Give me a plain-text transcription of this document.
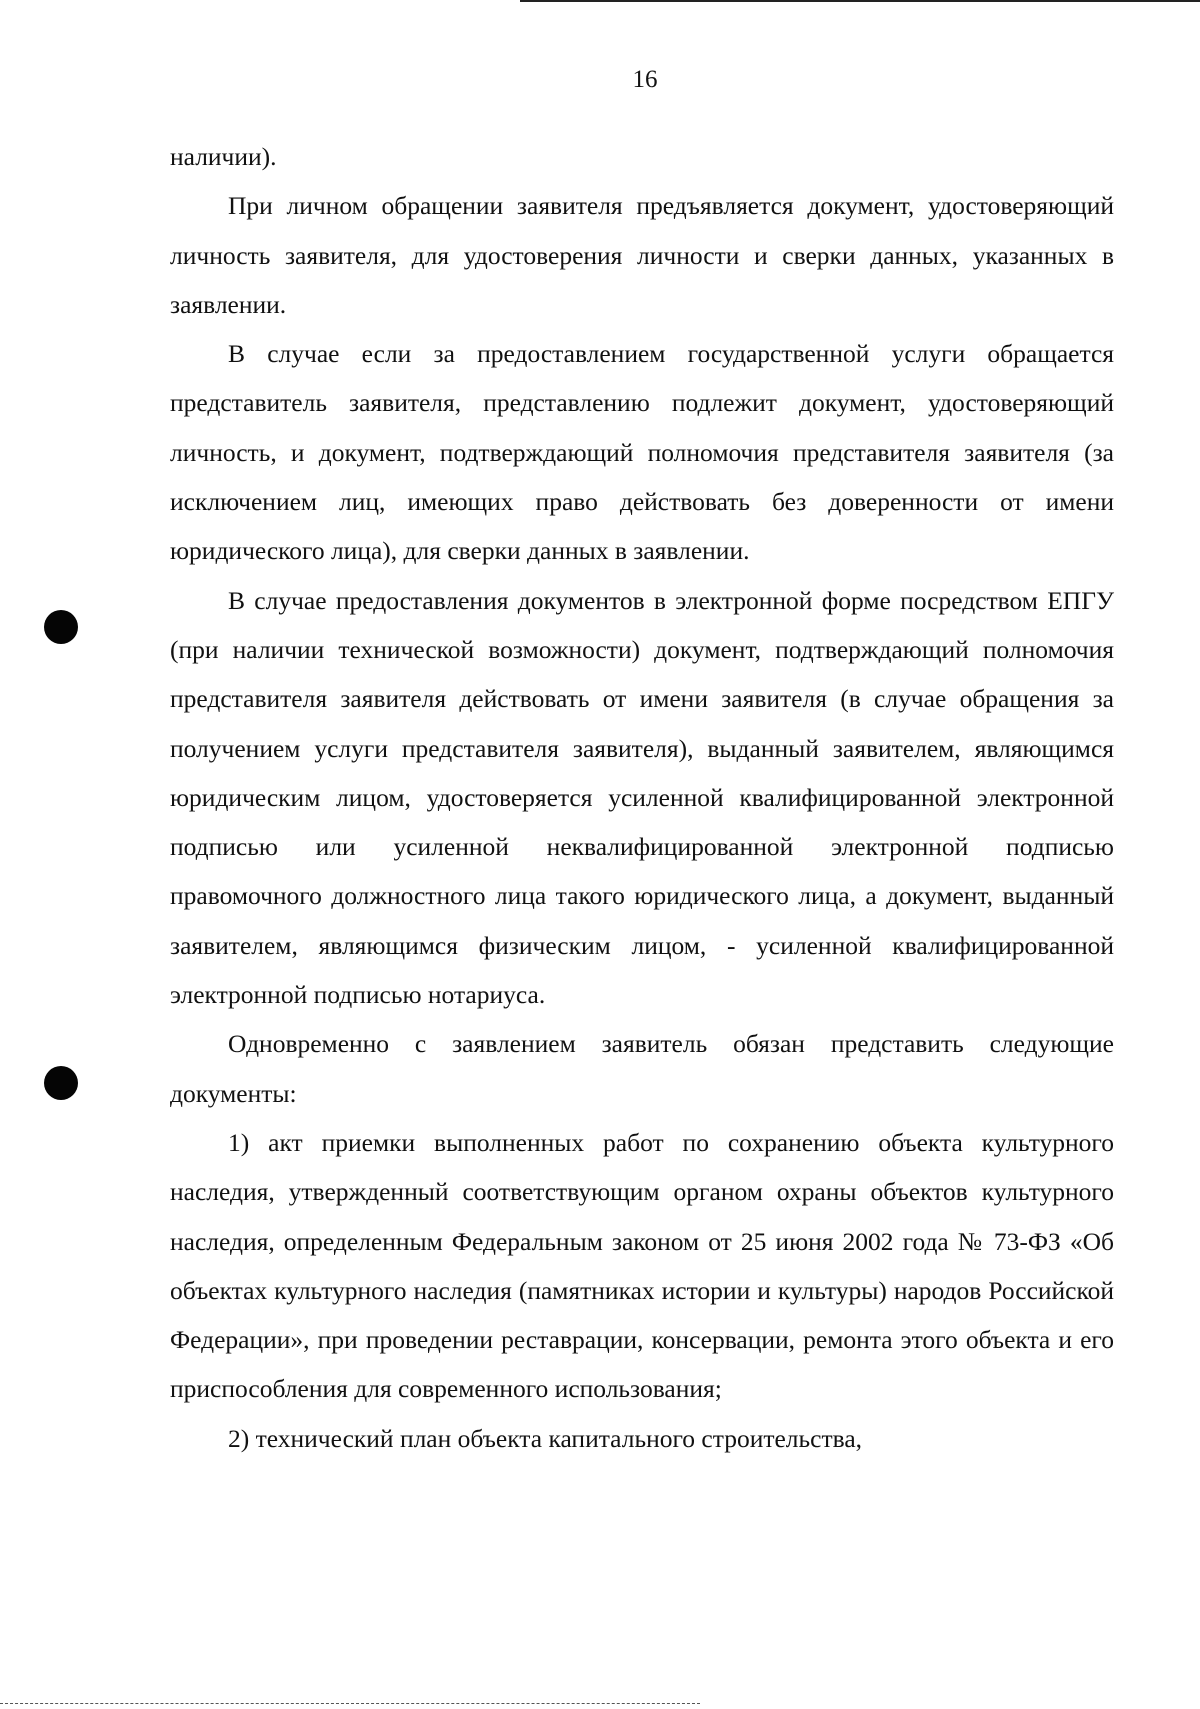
16

наличии).

При личном обращении заявителя предъявляется документ, удостоверяющий личность заявителя, для удостоверения личности и сверки данных, указанных в заявлении.

В случае если за предоставлением государственной услуги обращается представитель заявителя, представлению подлежит документ, удостоверяющий личность, и документ, подтверждающий полномочия представителя заявителя (за исключением лиц, имеющих право действовать без доверенности от имени юридического лица), для сверки данных в заявлении.

В случае предоставления документов в электронной форме посредством ЕПГУ (при наличии технической возможности) документ, подтверждающий полномочия представителя заявителя действовать от имени заявителя (в случае обращения за получением услуги представителя заявителя), выданный заявителем, являющимся юридическим лицом, удостоверяется усиленной квалифицированной электронной подписью или усиленной неквалифицированной электронной подписью правомочного должностного лица такого юридического лица, а документ, выданный заявителем, являющимся физическим лицом, - усиленной квалифицированной электронной подписью нотариуса.

Одновременно с заявлением заявитель обязан представить следующие документы:

1) акт приемки выполненных работ по сохранению объекта культурного наследия, утвержденный соответствующим органом охраны объектов культурного наследия, определенным Федеральным законом от 25 июня 2002 года № 73-ФЗ «Об объектах культурного наследия (памятниках истории и культуры) народов Российской Федерации», при проведении реставрации, консервации, ремонта этого объекта и его приспособления для современного использования;

2) технический план объекта капитального строительства,
